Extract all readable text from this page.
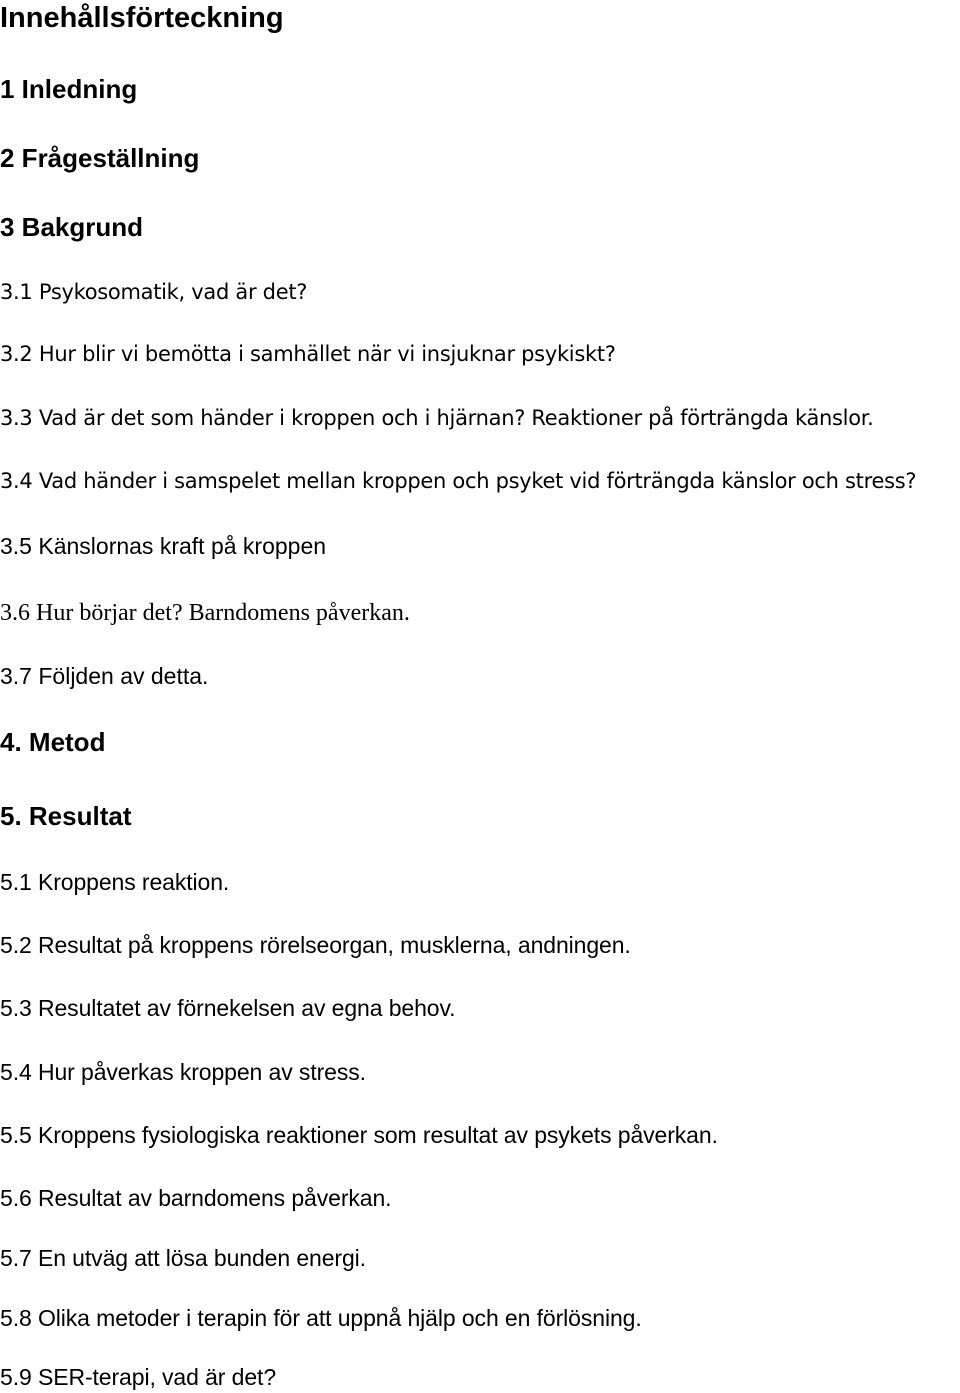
Innehållsförteckning
1 Inledning
2 Frågeställning
3 Bakgrund
3.1 Psykosomatik, vad är det?
3.2 Hur blir vi bemötta i samhället när vi insjuknar psykiskt?
3.3 Vad är det som händer i kroppen och i hjärnan? Reaktioner på förträngda känslor.
3.4 Vad händer i samspelet mellan kroppen och psyket vid förträngda känslor och stress?
3.5 Känslornas kraft på kroppen
3.6 Hur börjar det? Barndomens påverkan.
3.7 Följden av detta.
4. Metod
5. Resultat
5.1 Kroppens reaktion.
5.2 Resultat på kroppens rörelseorgan, musklerna, andningen.
5.3 Resultatet av förnekelsen av egna behov.
5.4 Hur påverkas kroppen av stress.
5.5 Kroppens fysiologiska reaktioner som resultat av psykets påverkan.
5.6 Resultat av barndomens påverkan.
5.7 En utväg att lösa bunden energi.
5.8 Olika metoder i terapin för att uppnå hjälp och en förlösning.
5.9 SER-terapi, vad är det?
